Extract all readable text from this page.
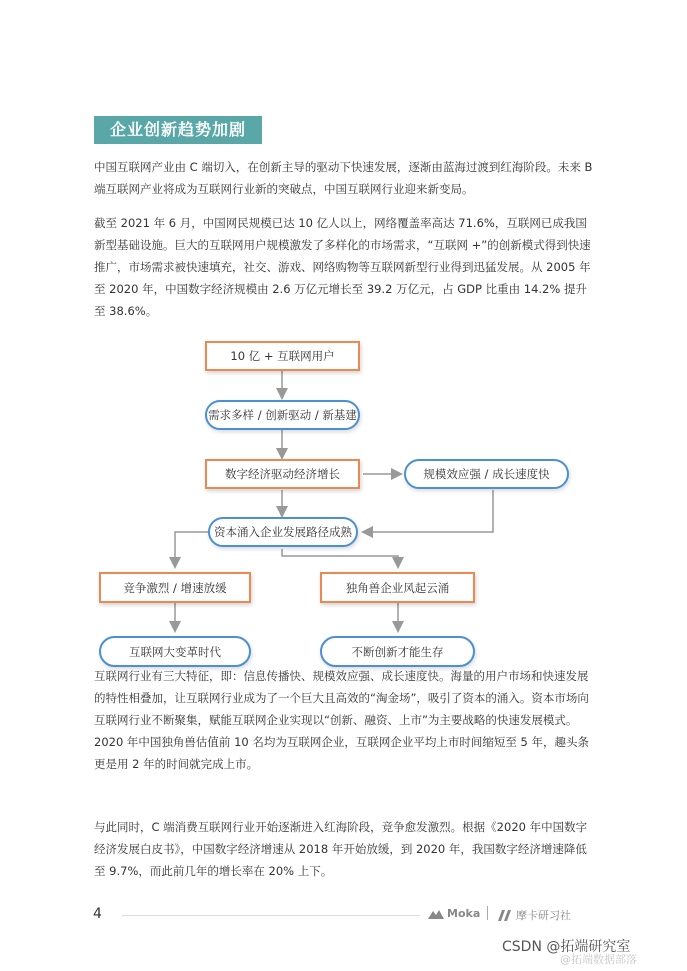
企业创新趋势加剧

中国互联网产业由 C 端切入，在创新主导的驱动下快速发展，逐渐由蓝海过渡到红海阶段。未来 B 端互联网产业将成为互联网行业新的突破点，中国互联网行业迎来新变局。

截至 2021 年 6 月，中国网民规模已达 10 亿人以上，网络覆盖率高达 71.6%，互联网已成我国新型基础设施。巨大的互联网用户规模激发了多样化的市场需求，“互联网 +”的创新模式得到快速推广，市场需求被快速填充，社交、游戏、网络购物等互联网新型行业得到迅猛发展。从 2005 年至 2020 年，中国数字经济规模由 2.6 万亿元增长至 39.2 万亿元，占 GDP 比重由 14.2% 提升至 38.6%。

10 亿 + 互联网用户
需求多样 / 创新驱动 / 新基建
数字经济驱动经济增长	规模效应强 / 成长速度快
资本涌入企业发展路径成熟
竞争激烈 / 增速放缓	独角兽企业风起云涌
互联网大变革时代	不断创新才能生存

互联网行业有三大特征，即：信息传播快、规模效应强、成长速度快。海量的用户市场和快速发展的特性相叠加，让互联网行业成为了一个巨大且高效的“淘金场”，吸引了资本的涌入。资本市场向互联网行业不断聚集，赋能互联网企业实现以“创新、融资、上市”为主要战略的快速发展模式。2020 年中国独角兽估值前 10 名均为互联网企业，互联网企业平均上市时间缩短至 5 年，趣头条更是用 2 年的时间就完成上市。

与此同时，C 端消费互联网行业开始逐渐进入红海阶段，竞争愈发激烈。根据《2020 年中国数字经济发展白皮书》，中国数字经济增速从 2018 年开始放缓，到 2020 年，我国数字经济增速降低至 9.7%，而此前几年的增长率在 20% 上下。

4	Moka	摩卡研习社
CSDN @拓端研究室
@拓端数据部落
